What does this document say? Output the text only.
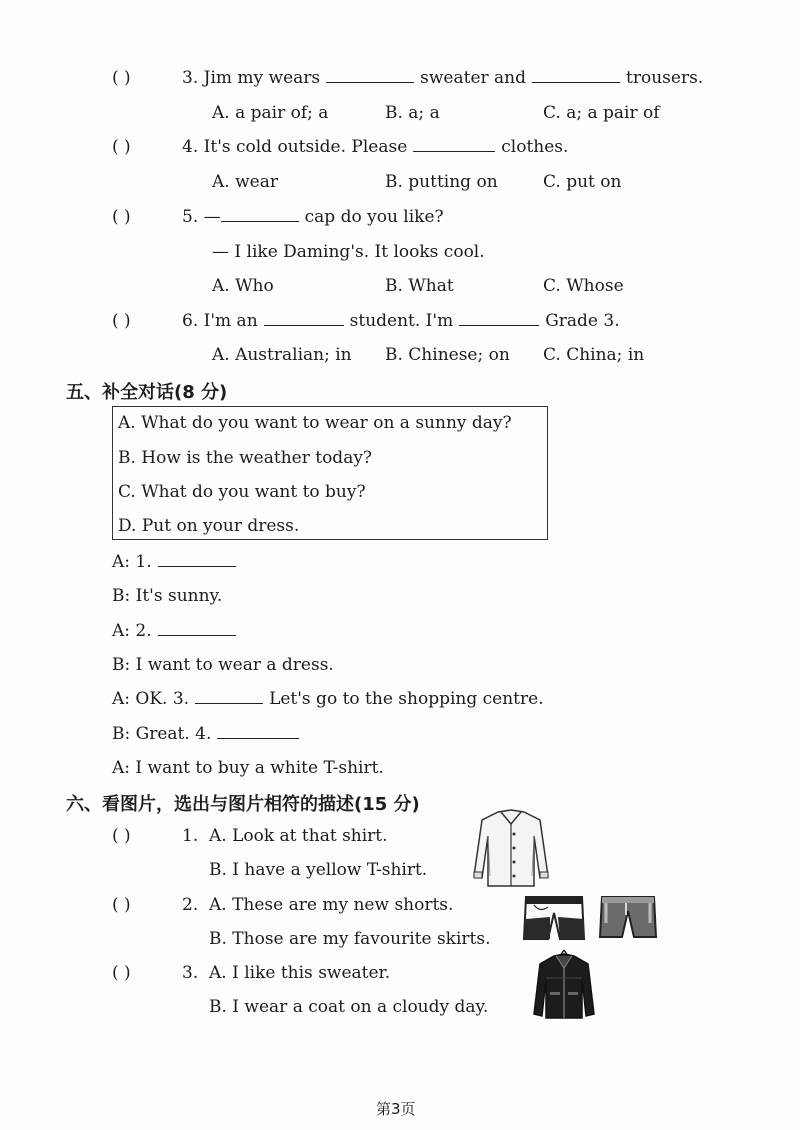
( )	3. Jim my wears	sweater and	trousers.
A. a pair of; a	B. a; a	C. a; a pair of
( )	4. It's cold outside. Please	clothes.
A. wear	B. putting on	C. put on
( )	5. —	cap do you like?
— I like Daming's. It looks cool.
A. Who	B. What	C. Whose
( )	6. I'm an	student. I'm	Grade 3.
A. Australian; in B. Chinese; on C. China; in
五、补全对话(8 分)
A. What do you want to wear on a sunny day?
B. How is the weather today?
C. What do you want to buy?
D. Put on your dress.
A: 1.
B: It's sunny.
A: 2.
B: I want to wear a dress.
A: OK. 3.	Let's go to the shopping centre.
B: Great. 4.
A: I want to buy a white T-shirt.
六、看图片，选出与图片相符的描述(15 分)
( )	1. A. Look at that shirt.
B. I have a yellow T-shirt.
( )	2. A. These are my new shorts.
B. Those are my favourite skirts.
( )	3. A. I like this sweater.
B. I wear a coat on a cloudy day.
第3页
